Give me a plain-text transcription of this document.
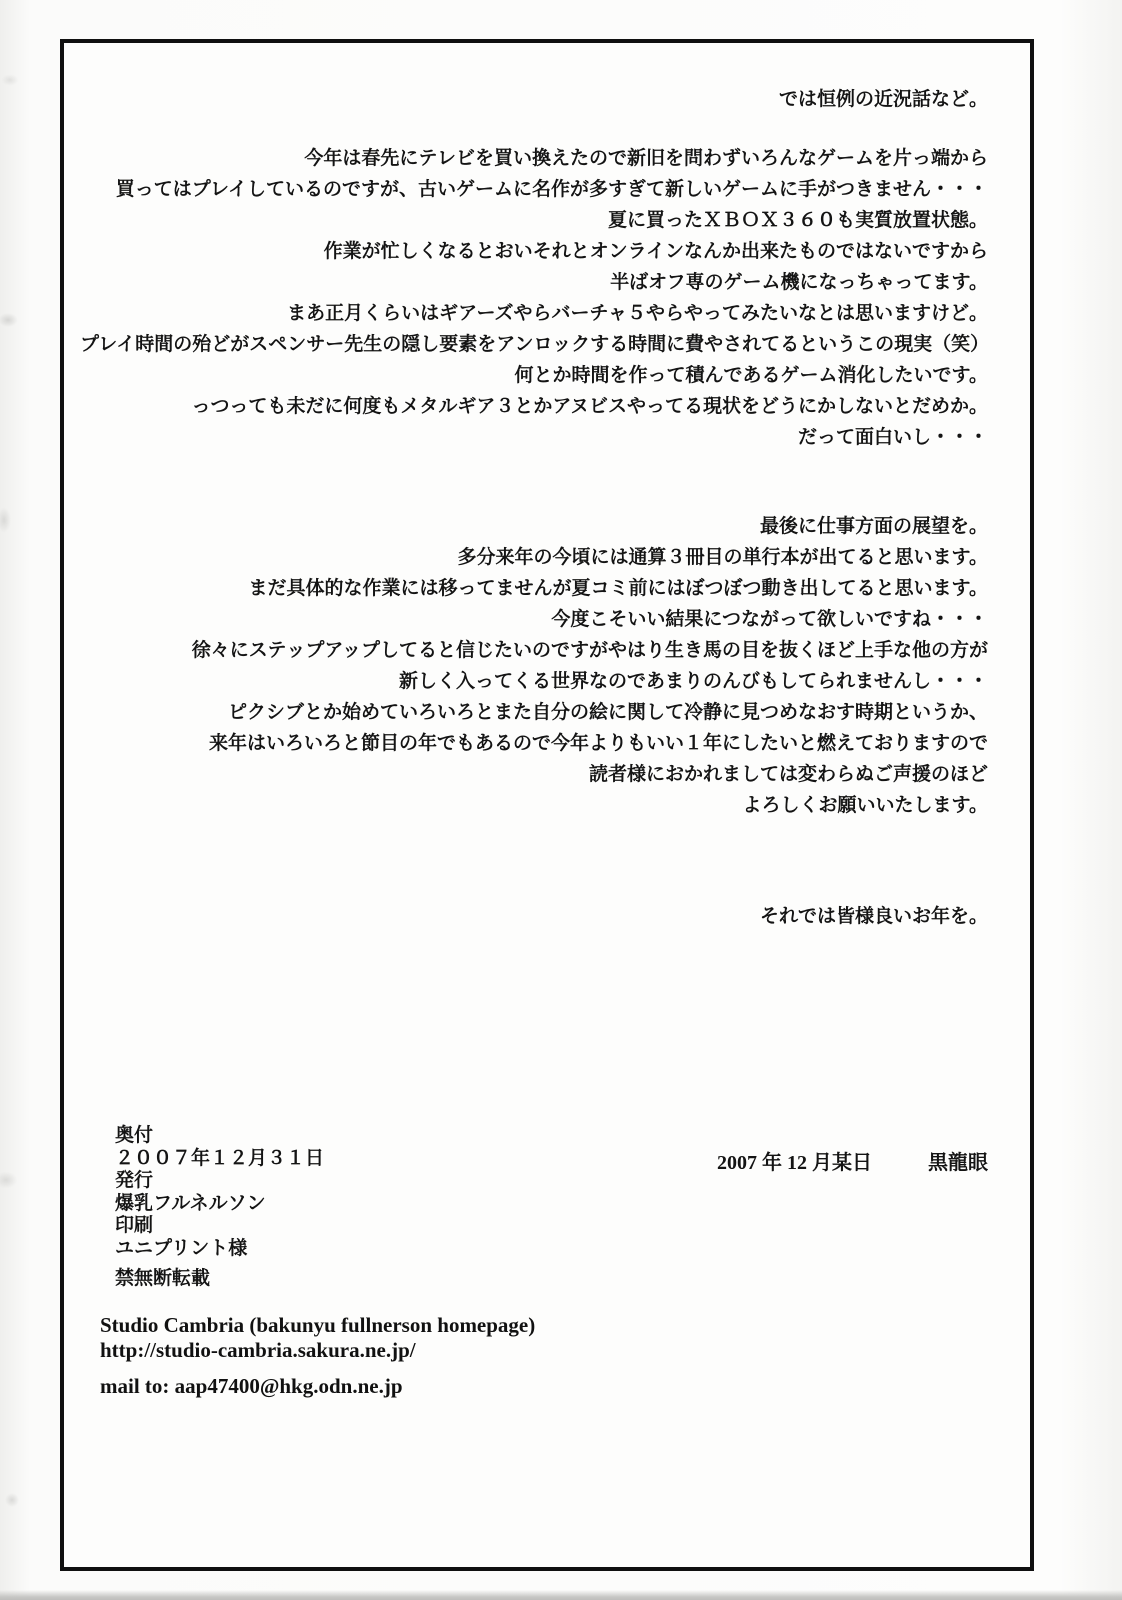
では恒例の近況話など。
今年は春先にテレビを買い換えたので新旧を問わずいろんなゲームを片っ端から
買ってはプレイしているのですが、古いゲームに名作が多すぎて新しいゲームに手がつきません・・・
夏に買ったＸＢＯＸ３６０も実質放置状態。
作業が忙しくなるとおいそれとオンラインなんか出来たものではないですから
半ばオフ専のゲーム機になっちゃってます。
まあ正月くらいはギアーズやらバーチャ５やらやってみたいなとは思いますけど。
プレイ時間の殆どがスペンサー先生の隠し要素をアンロックする時間に費やされてるというこの現実（笑）
何とか時間を作って積んであるゲーム消化したいです。
っつっても未だに何度もメタルギア３とかアヌビスやってる現状をどうにかしないとだめか。
だって面白いし・・・
最後に仕事方面の展望を。
多分来年の今頃には通算３冊目の単行本が出てると思います。
まだ具体的な作業には移ってませんが夏コミ前にはぼつぼつ動き出してると思います。
今度こそいい結果につながって欲しいですね・・・
徐々にステップアップしてると信じたいのですがやはり生き馬の目を抜くほど上手な他の方が
新しく入ってくる世界なのであまりのんびもしてられませんし・・・
ピクシブとか始めていろいろとまた自分の絵に関して冷静に見つめなおす時期というか、
来年はいろいろと節目の年でもあるので今年よりもいい１年にしたいと燃えておりますので
読者様におかれましては変わらぬご声援のほど
よろしくお願いいたします。
それでは皆様良いお年を。
奥付
２００７年１２月３１日
発行
爆乳フルネルソン
印刷
ユニプリント様
禁無断転載
2007 年 12 月某日	黒龍眼
Studio Cambria (bakunyu fullnerson homepage)
http://studio-cambria.sakura.ne.jp/
mail to: aap47400@hkg.odn.ne.jp
